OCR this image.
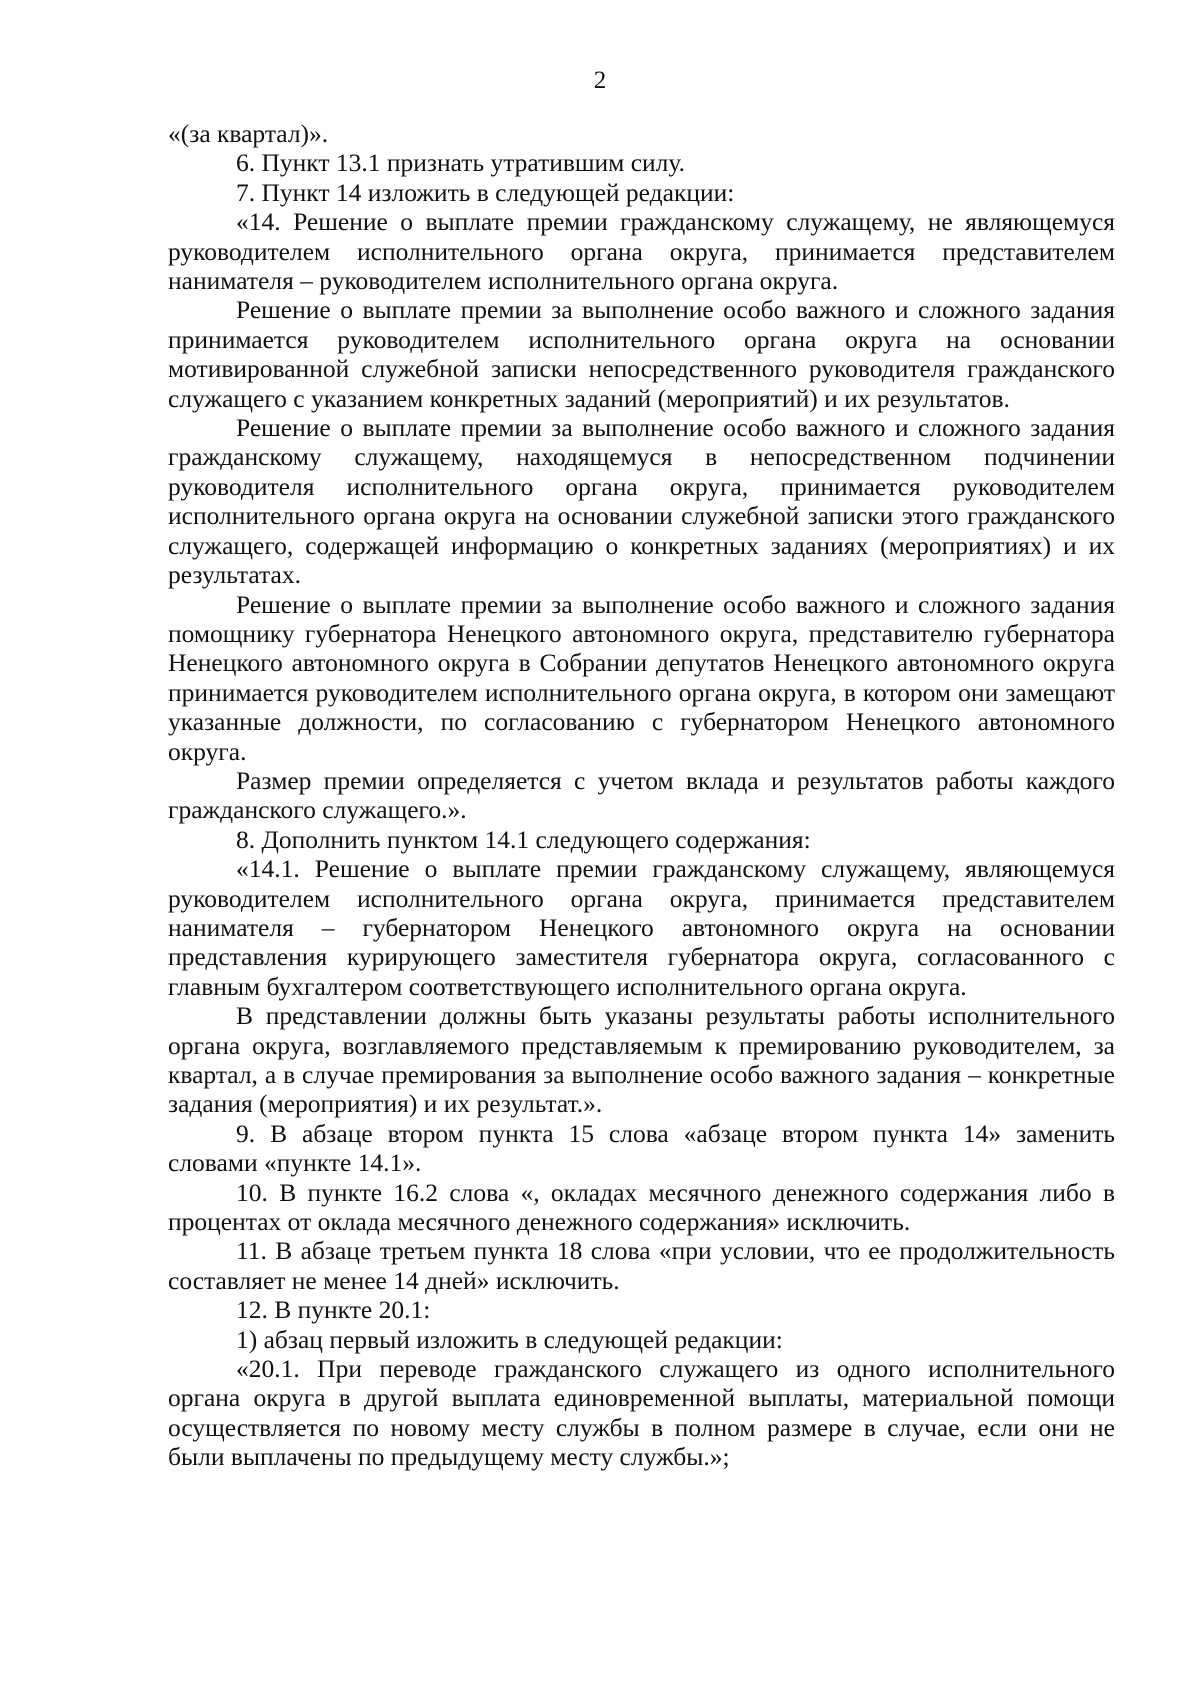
2

«(за квартал)».

6. Пункт 13.1 признать утратившим силу.

7. Пункт 14 изложить в следующей редакции:

«14. Решение о выплате премии гражданскому служащему, не являющемуся руководителем исполнительного органа округа, принимается представителем нанимателя – руководителем исполнительного органа округа.

Решение о выплате премии за выполнение особо важного и сложного задания принимается руководителем исполнительного органа округа на основании мотивированной служебной записки непосредственного руководителя гражданского служащего с указанием конкретных заданий (мероприятий) и их результатов.

Решение о выплате премии за выполнение особо важного и сложного задания гражданскому служащему, находящемуся в непосредственном подчинении руководителя исполнительного органа округа, принимается руководителем исполнительного органа округа на основании служебной записки этого гражданского служащего, содержащей информацию о конкретных заданиях (мероприятиях) и их результатах.

Решение о выплате премии за выполнение особо важного и сложного задания помощнику губернатора Ненецкого автономного округа, представителю губернатора Ненецкого автономного округа в Собрании депутатов Ненецкого автономного округа принимается руководителем исполнительного органа округа, в котором они замещают указанные должности, по согласованию с губернатором Ненецкого автономного округа.

Размер премии определяется с учетом вклада и результатов работы каждого гражданского служащего.».

8. Дополнить пунктом 14.1 следующего содержания:

«14.1. Решение о выплате премии гражданскому служащему, являющемуся руководителем исполнительного органа округа, принимается представителем нанимателя – губернатором Ненецкого автономного округа на основании представления курирующего заместителя губернатора округа, согласованного с главным бухгалтером соответствующего исполнительного органа округа.

В представлении должны быть указаны результаты работы исполнительного органа округа, возглавляемого представляемым к премированию руководителем, за квартал, а в случае премирования за выполнение особо важного задания – конкретные задания (мероприятия) и их результат.».

9. В абзаце втором пункта 15 слова «абзаце втором пункта 14» заменить словами «пункте 14.1».

10. В пункте 16.2 слова «, окладах месячного денежного содержания либо в процентах от оклада месячного денежного содержания» исключить.

11. В абзаце третьем пункта 18 слова «при условии, что ее продолжительность составляет не менее 14 дней» исключить.

12. В пункте 20.1:

1) абзац первый изложить в следующей редакции:

«20.1. При переводе гражданского служащего из одного исполнительного органа округа в другой выплата единовременной выплаты, материальной помощи осуществляется по новому месту службы в полном размере в случае, если они не были выплачены по предыдущему месту службы.»;
